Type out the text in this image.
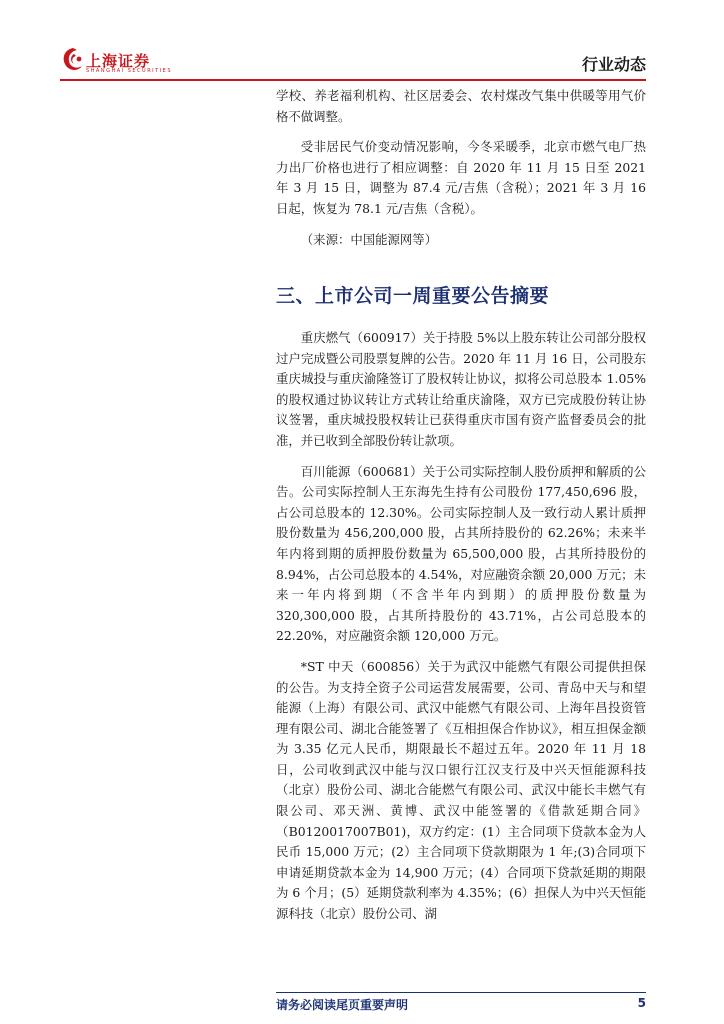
上海证券
SHANGHAI SECURITIES	行业动态

学校、养老福利机构、社区居委会、农村煤改气集中供暖等用气价格不做调整。

受非居民气价变动情况影响，今冬采暖季，北京市燃气电厂热力出厂价格也进行了相应调整：自 2020 年 11 月 15 日至 2021 年 3 月 15 日，调整为 87.4 元/吉焦（含税）；2021 年 3 月 16 日起，恢复为 78.1 元/吉焦（含税）。

（来源：中国能源网等）

三、上市公司一周重要公告摘要

重庆燃气（600917）关于持股 5%以上股东转让公司部分股权过户完成暨公司股票复牌的公告。2020 年 11 月 16 日，公司股东重庆城投与重庆渝隆签订了股权转让协议，拟将公司总股本 1.05%的股权通过协议转让方式转让给重庆渝隆，双方已完成股份转让协议签署，重庆城投股权转让已获得重庆市国有资产监督委员会的批准，并已收到全部股份转让款项。

百川能源（600681）关于公司实际控制人股份质押和解质的公告。公司实际控制人王东海先生持有公司股份 177,450,696 股，占公司总股本的 12.30%。公司实际控制人及一致行动人累计质押股份数量为 456,200,000 股，占其所持股份的 62.26%；未来半年内将到期的质押股份数量为 65,500,000 股，占其所持股份的 8.94%，占公司总股本的 4.54%，对应融资余额 20,000 万元；未来一年内将到期（不含半年内到期）的质押股份数量为 320,300,000 股，占其所持股份的 43.71%，占公司总股本的 22.20%，对应融资余额 120,000 万元。

*ST 中天（600856）关于为武汉中能燃气有限公司提供担保的公告。为支持全资子公司运营发展需要，公司、青岛中天与和望能源（上海）有限公司、武汉中能燃气有限公司、上海年昌投资管理有限公司、湖北合能签署了《互相担保合作协议》，相互担保金额为 3.35 亿元人民币，期限最长不超过五年。2020 年 11 月 18 日，公司收到武汉中能与汉口银行江汉支行及中兴天恒能源科技（北京）股份公司、湖北合能燃气有限公司、武汉中能长丰燃气有限公司、邓天洲、黄博、武汉中能签署的《借款延期合同》（B0120017007B01)，双方约定：(1）主合同项下贷款本金为人民币 15,000 万元；(2）主合同项下贷款期限为 1 年;(3)合同项下申请延期贷款本金为 14,900 万元；(4）合同项下贷款延期的期限为 6 个月；(5）延期贷款利率为 4.35%；(6）担保人为中兴天恒能源科技（北京）股份公司、湖

请务必阅读尾页重要声明	5
